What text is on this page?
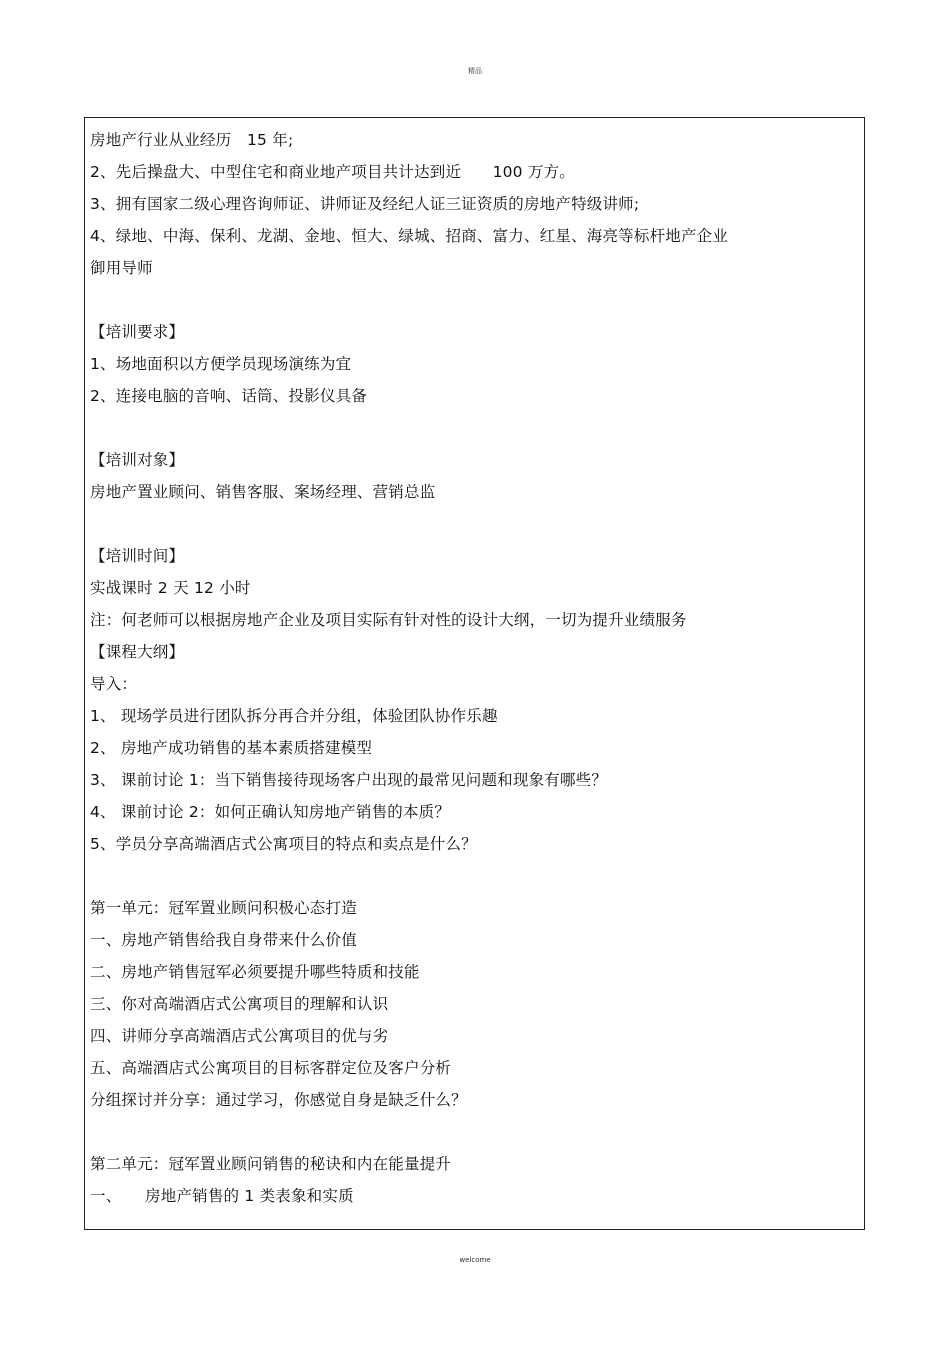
精品
房地产行业从业经历　15 年;
2、先后操盘大、中型住宅和商业地产项目共计达到近　　100 万方。
3、拥有国家二级心理咨询师证、讲师证及经纪人证三证资质的房地产特级讲师;
4、绿地、中海、保利、龙湖、金地、恒大、绿城、招商、富力、红星、海亮等标杆地产企业
御用导师
【培训要求】
1、场地面积以方便学员现场演练为宜
2、连接电脑的音响、话筒、投影仪具备
【培训对象】
房地产置业顾问、销售客服、案场经理、营销总监
【培训时间】
实战课时 2 天 12 小时
注：何老师可以根据房地产企业及项目实际有针对性的设计大纲，一切为提升业绩服务
【课程大纲】
导入：
1、 现场学员进行团队拆分再合并分组，体验团队协作乐趣
2、 房地产成功销售的基本素质搭建模型
3、 课前讨论 1：当下销售接待现场客户出现的最常见问题和现象有哪些？
4、 课前讨论 2：如何正确认知房地产销售的本质？
5、学员分享高端酒店式公寓项目的特点和卖点是什么？
第一单元：冠军置业顾问积极心态打造
一、房地产销售给我自身带来什么价值
二、房地产销售冠军必须要提升哪些特质和技能
三、你对高端酒店式公寓项目的理解和认识
四、讲师分享高端酒店式公寓项目的优与劣
五、高端酒店式公寓项目的目标客群定位及客户分析
分组探讨并分享：通过学习，你感觉自身是缺乏什么？
第二单元：冠军置业顾问销售的秘诀和内在能量提升
一、　　房地产销售的 1 类表象和实质
welcome
